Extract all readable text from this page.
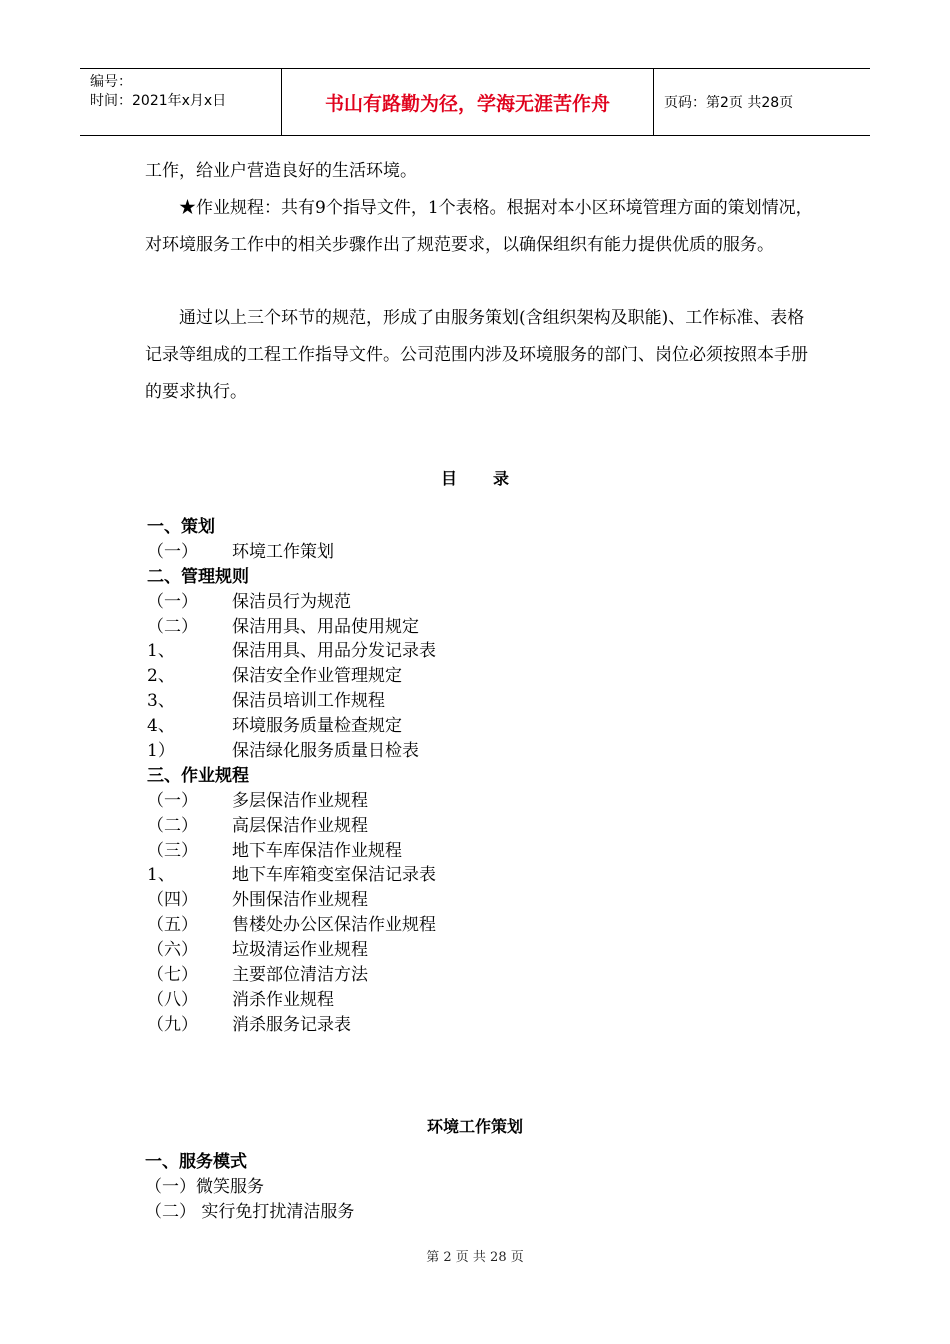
编号：
时间：2021年x月x日	书山有路勤为径，学海无涯苦作舟	页码：第2页 共28页

工作，给业户营造良好的生活环境。

★作业规程：共有9个指导文件，1个表格。根据对本小区环境管理方面的策划情况，对环境服务工作中的相关步骤作出了规范要求，以确保组织有能力提供优质的服务。

通过以上三个环节的规范，形成了由服务策划(含组织架构及职能)、工作标准、表格记录等组成的工程工作指导文件。公司范围内涉及环境服务的部门、岗位必须按照本手册的要求执行。

目 录
一、策划
（一）	环境工作策划
二、管理规则
（一）	保洁员行为规范
（二）	保洁用具、用品使用规定
1、	保洁用具、用品分发记录表
2、	保洁安全作业管理规定
3、	保洁员培训工作规程
4、	环境服务质量检查规定
1）	保洁绿化服务质量日检表
三、作业规程
（一）	多层保洁作业规程
（二）	高层保洁作业规程
（三）	地下车库保洁作业规程
1、	地下车库箱变室保洁记录表
（四）	外围保洁作业规程
（五）	售楼处办公区保洁作业规程
（六）	垃圾清运作业规程
（七）	主要部位清洁方法
（八）	消杀作业规程
（九）	消杀服务记录表
环境工作策划
一、服务模式
（一）微笑服务
（二） 实行免打扰清洁服务
第 2 页 共 28 页
